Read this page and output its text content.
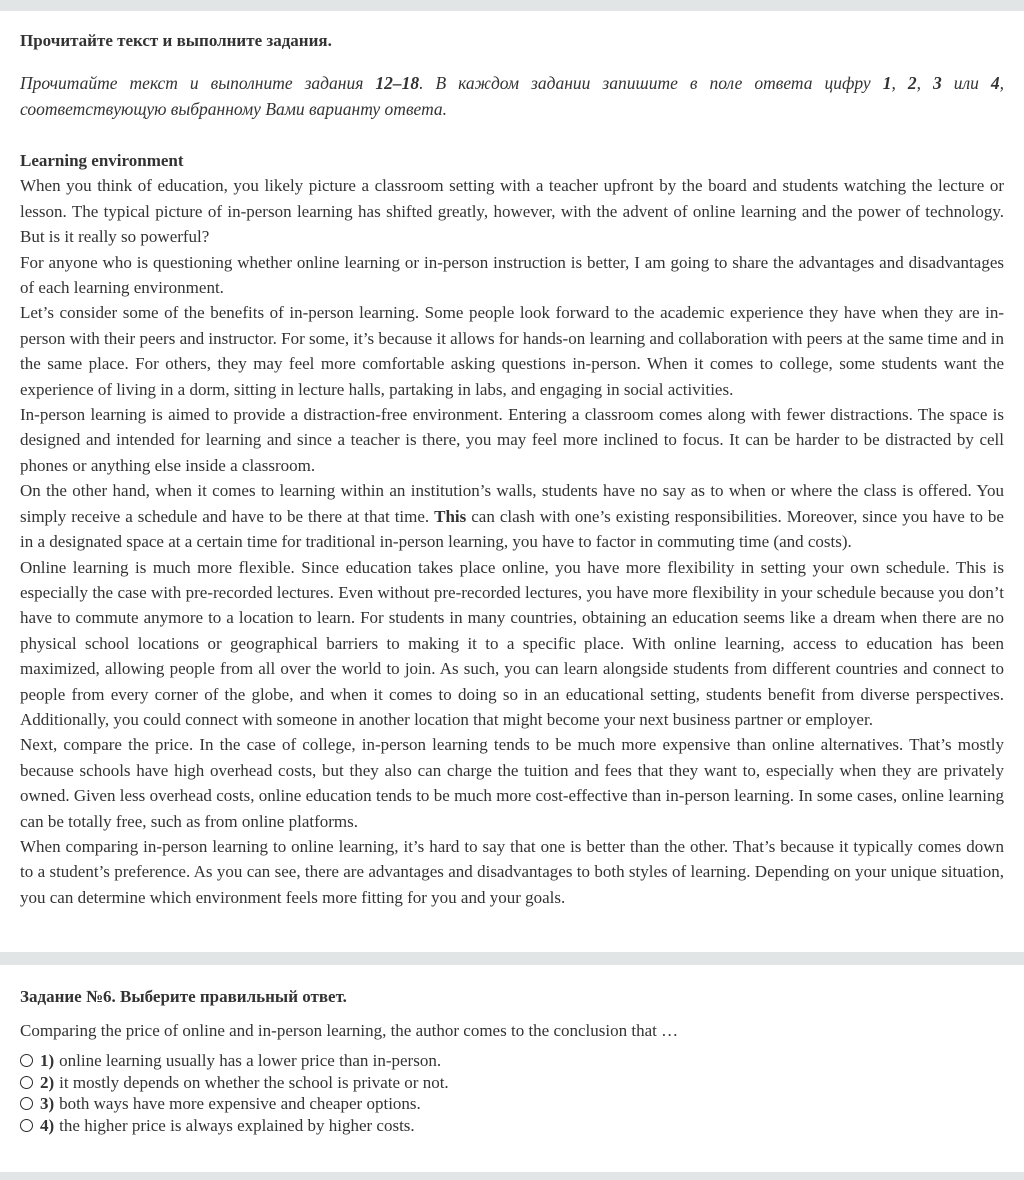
Прочитайте текст и выполните задания.

Прочитайте текст и выполните задания 12–18. В каждом задании запишите в поле ответа цифру 1, 2, 3 или 4, соответствующую выбранному Вами варианту ответа.

Learning environment

When you think of education, you likely picture a classroom setting with a teacher upfront by the board and students watching the lecture or lesson. The typical picture of in-person learning has shifted greatly, however, with the advent of online learning and the power of technology. But is it really so powerful?

For anyone who is questioning whether online learning or in-person instruction is better, I am going to share the advantages and disadvantages of each learning environment.

Let’s consider some of the benefits of in-person learning. Some people look forward to the academic experience they have when they are in-person with their peers and instructor. For some, it’s because it allows for hands-on learning and collaboration with peers at the same time and in the same place. For others, they may feel more comfortable asking questions in-person. When it comes to college, some students want the experience of living in a dorm, sitting in lecture halls, partaking in labs, and engaging in social activities.

In-person learning is aimed to provide a distraction-free environment. Entering a classroom comes along with fewer distractions. The space is designed and intended for learning and since a teacher is there, you may feel more inclined to focus. It can be harder to be distracted by cell phones or anything else inside a classroom.

On the other hand, when it comes to learning within an institution’s walls, students have no say as to when or where the class is offered. You simply receive a schedule and have to be there at that time. This can clash with one’s existing responsibilities. Moreover, since you have to be in a designated space at a certain time for traditional in-person learning, you have to factor in commuting time (and costs).

Online learning is much more flexible. Since education takes place online, you have more flexibility in setting your own schedule. This is especially the case with pre-recorded lectures. Even without pre-recorded lectures, you have more flexibility in your schedule because you don’t have to commute anymore to a location to learn. For students in many countries, obtaining an education seems like a dream when there are no physical school locations or geographical barriers to making it to a specific place. With online learning, access to education has been maximized, allowing people from all over the world to join. As such, you can learn alongside students from different countries and connect to people from every corner of the globe, and when it comes to doing so in an educational setting, students benefit from diverse perspectives. Additionally, you could connect with someone in another location that might become your next business partner or employer.

Next, compare the price. In the case of college, in-person learning tends to be much more expensive than online alternatives. That’s mostly because schools have high overhead costs, but they also can charge the tuition and fees that they want to, especially when they are privately owned. Given less overhead costs, online education tends to be much more cost-effective than in-person learning. In some cases, online learning can be totally free, such as from online platforms.

When comparing in-person learning to online learning, it’s hard to say that one is better than the other. That’s because it typically comes down to a student’s preference. As you can see, there are advantages and disadvantages to both styles of learning. Depending on your unique situation, you can determine which environment feels more fitting for you and your goals.

Задание №6. Выберите правильный ответ.

Comparing the price of online and in-person learning, the author comes to the conclusion that …

1) online learning usually has a lower price than in-person.
2) it mostly depends on whether the school is private or not.
3) both ways have more expensive and cheaper options.
4) the higher price is always explained by higher costs.
